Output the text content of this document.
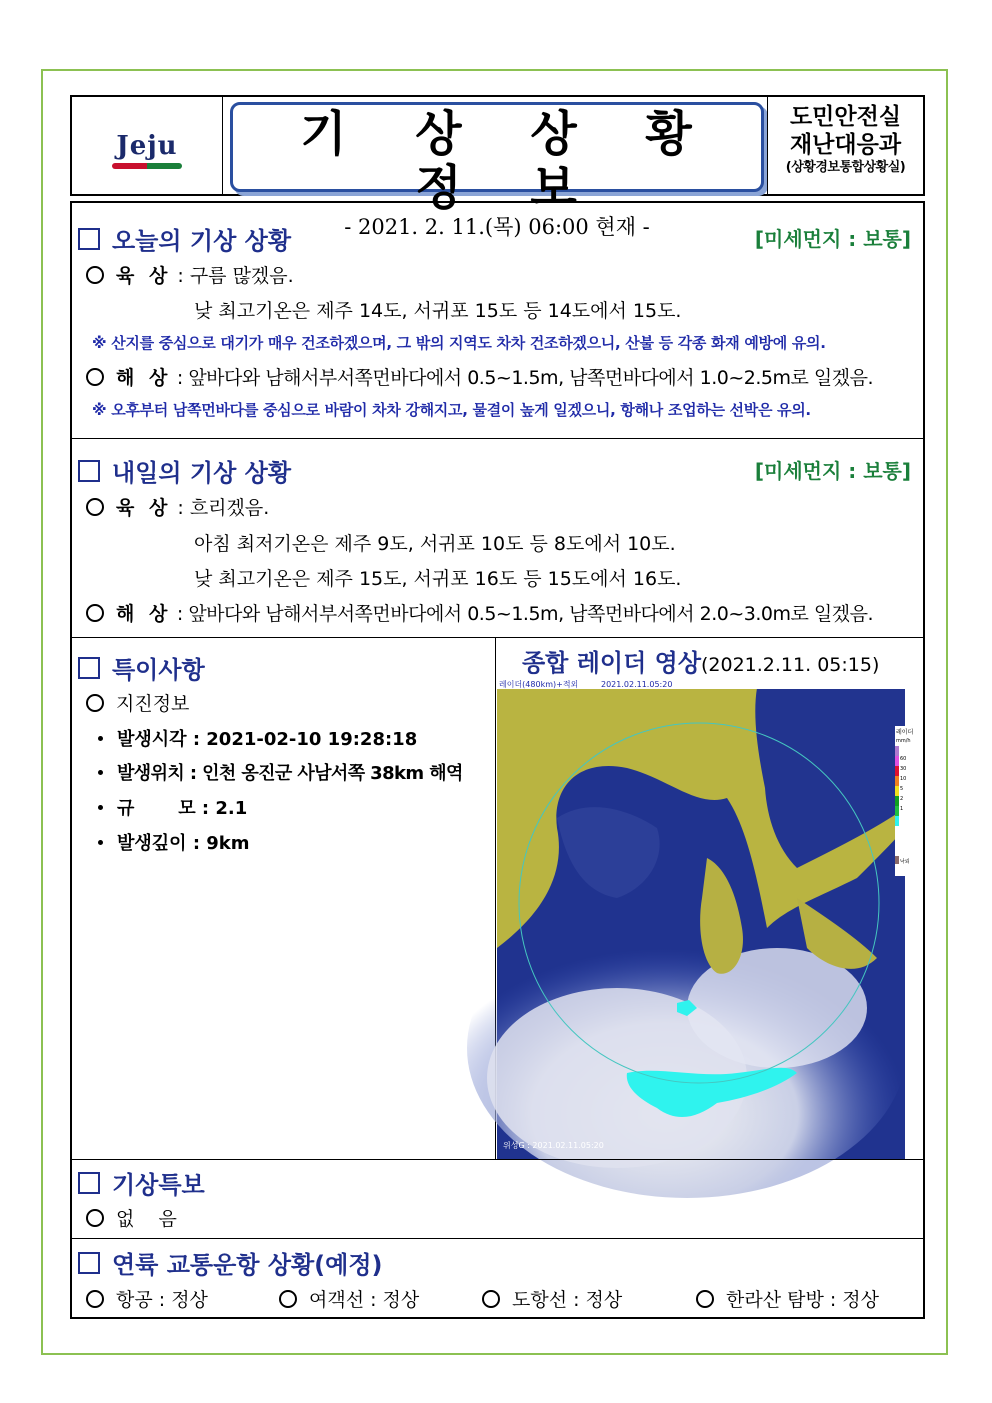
Jeju	기 상 상 황 정 보
- 2021. 2. 11.(목) 06:00 현재 -
도민안전실
재난대응과
(상황경보통합상황실)
오늘의 기상 상황	[미세먼지 : 보통]
육 상 : 구름 많겠음.
낮 최고기온은 제주 14도, 서귀포 15도 등 14도에서 15도.
※ 산지를 중심으로 대기가 매우 건조하겠으며, 그 밖의 지역도 차차 건조하겠으니, 산불 등 각종 화재 예방에 유의.
해 상 : 앞바다와 남해서부서쪽먼바다에서 0.5~1.5m, 남쪽먼바다에서 1.0~2.5m로 일겠음.
※ 오후부터 남쪽먼바다를 중심으로 바람이 차차 강해지고, 물결이 높게 일겠으니, 항해나 조업하는 선박은 유의.
내일의 기상 상황	[미세먼지 : 보통]
육 상 : 흐리겠음.
아침 최저기온은 제주 9도, 서귀포 10도 등 8도에서 10도.
낮 최고기온은 제주 15도, 서귀포 16도 등 15도에서 16도.
해 상 : 앞바다와 남해서부서쪽먼바다에서 0.5~1.5m, 남쪽먼바다에서 2.0~3.0m로 일겠음.
특이사항
지진정보
발생시각 : 2021-02-10 19:28:18
발생위치 : 인천 옹진군 사남서쪽 38km 해역
규       모 : 2.1
발생깊이 : 9km
종합 레이더 영상(2021.2.11. 05:15)
레이더(480km)+적외	2021.02.11.05:20
위성G : 2021.02.11.05:20
레이더
mm/h
60
30
10
5
2
1
낙뢰
기상특보
없    음
연륙 교통운항 상황(예정)
항공 : 정상	여객선 : 정상	도항선 : 정상	한라산 탐방 : 정상
